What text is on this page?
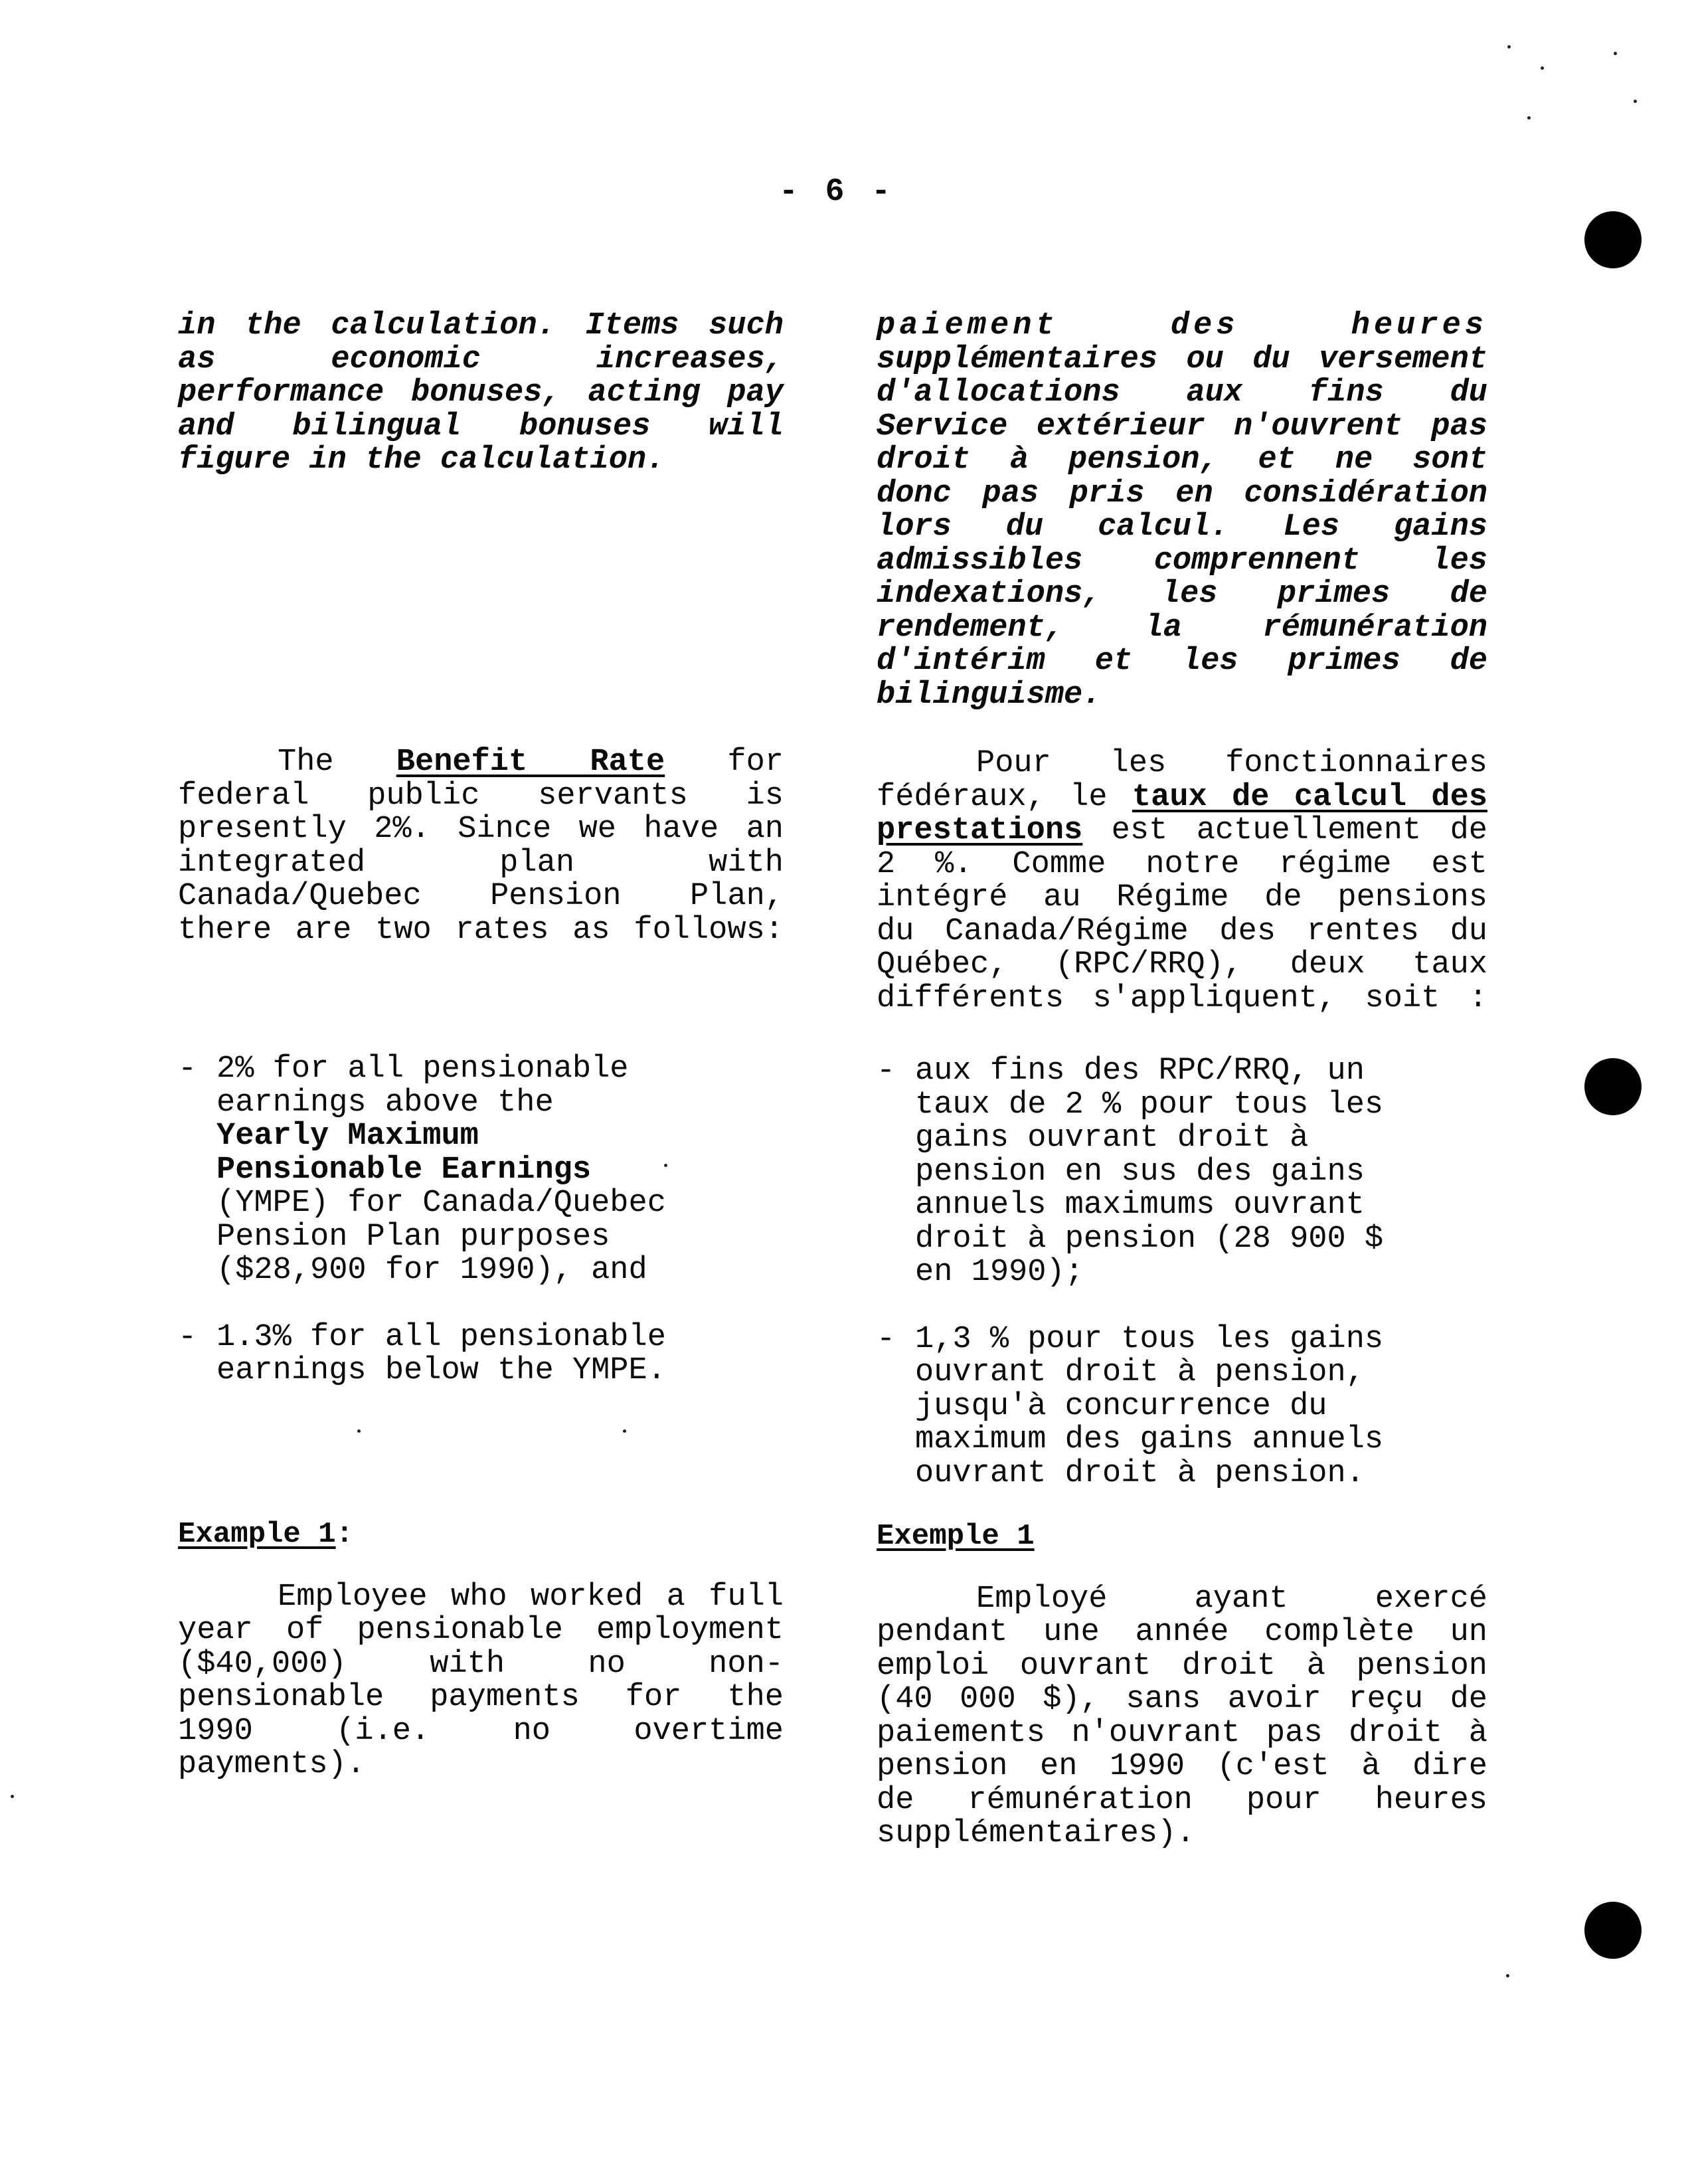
- 6 -

in the calculation. Items such

as economic increases,

performance bonuses, acting pay

and bilingual bonuses will

figure in the calculation.

The Benefit Rate for

federal public servants is

presently 2%. Since we have an

integrated plan with

Canada/Quebec Pension Plan,

there are two rates as follows:

- 2% for all pensionable

earnings above the

Yearly Maximum

Pensionable Earnings

(YMPE) for Canada/Quebec

Pension Plan purposes

($28,900 for 1990), and

- 1.3% for all pensionable

earnings below the YMPE.

Example 1:

Employee who worked a full

year of pensionable employment

($40,000) with no non-

pensionable payments for the

1990 (i.e. no overtime

payments).

paiement des heures

supplémentaires ou du versement

d'allocations aux fins du

Service extérieur n'ouvrent pas

droit à pension, et ne sont

donc pas pris en considération

lors du calcul. Les gains

admissibles comprennent les

indexations, les primes de

rendement, la rémunération

d'intérim et les primes de

bilinguisme.

Pour les fonctionnaires

fédéraux, le taux de calcul des

prestations est actuellement de

2 %. Comme notre régime est

intégré au Régime de pensions

du Canada/Régime des rentes du

Québec, (RPC/RRQ), deux taux

différents s'appliquent, soit :

- aux fins des RPC/RRQ, un

taux de 2 % pour tous les

gains ouvrant droit à

pension en sus des gains

annuels maximums ouvrant

droit à pension (28 900 $

en 1990);

- 1,3 % pour tous les gains

ouvrant droit à pension,

jusqu'à concurrence du

maximum des gains annuels

ouvrant droit à pension.

Exemple 1

Employé ayant exercé

pendant une année complète un

emploi ouvrant droit à pension

(40 000 $), sans avoir reçu de

paiements n'ouvrant pas droit à

pension en 1990 (c'est à dire

de rémunération pour heures

supplémentaires).
